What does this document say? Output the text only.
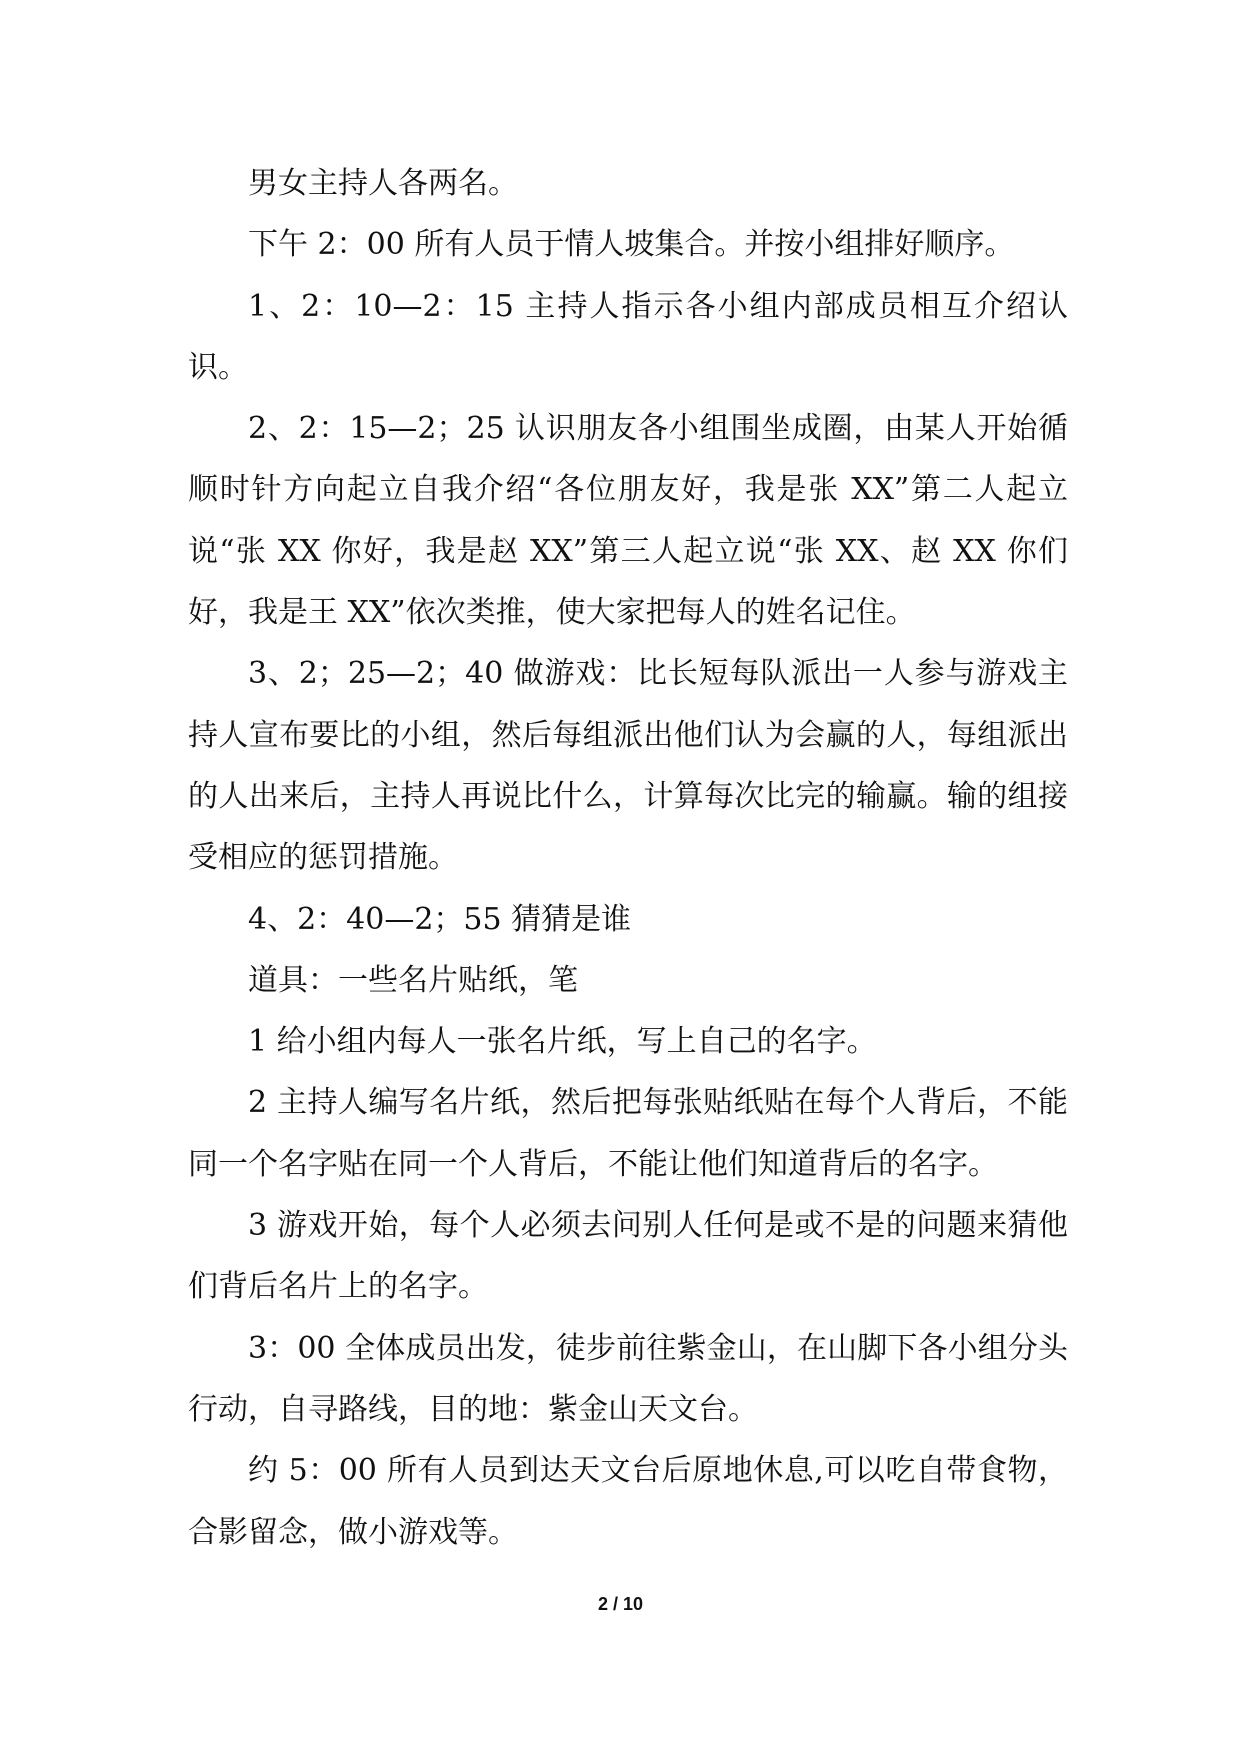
男女主持人各两名。

下午 2：00 所有人员于情人坡集合。并按小组排好顺序。

1、2：10—2：15 主持人指示各小组内部成员相互介绍认识。

2、2：15—2；25 认识朋友各小组围坐成圈，由某人开始循顺时针方向起立自我介绍“各位朋友好，我是张 XX”第二人起立说“张 XX 你好，我是赵 XX”第三人起立说“张 XX、赵 XX 你们好，我是王 XX”依次类推，使大家把每人的姓名记住。

3、2；25—2；40 做游戏：比长短每队派出一人参与游戏主持人宣布要比的小组，然后每组派出他们认为会赢的人，每组派出的人出来后，主持人再说比什么，计算每次比完的输赢。输的组接受相应的惩罚措施。

4、2：40—2；55 猜猜是谁

道具：一些名片贴纸，笔

1 给小组内每人一张名片纸，写上自己的名字。

2 主持人编写名片纸，然后把每张贴纸贴在每个人背后，不能同一个名字贴在同一个人背后，不能让他们知道背后的名字。

3 游戏开始，每个人必须去问别人任何是或不是的问题来猜他们背后名片上的名字。

3：00 全体成员出发，徒步前往紫金山，在山脚下各小组分头行动，自寻路线，目的地：紫金山天文台。

约 5：00 所有人员到达天文台后原地休息,可以吃自带食物，合影留念，做小游戏等。

2 / 10
